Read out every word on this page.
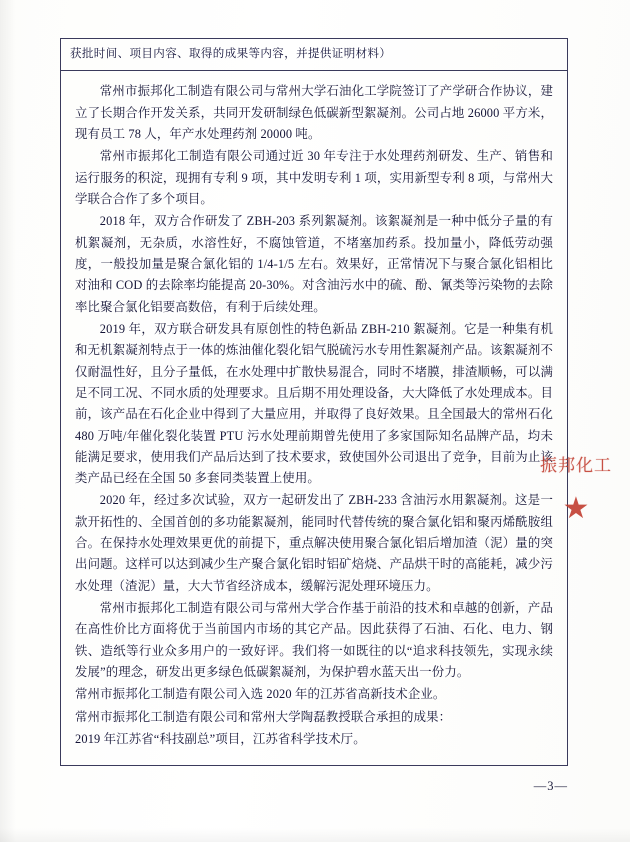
获批时间、项目内容、取得的成果等内容，并提供证明材料）

常州市振邦化工制造有限公司与常州大学石油化工学院签订了产学研合作协议，建立了长期合作开发关系，共同开发研制绿色低碳新型絮凝剂。公司占地 26000 平方米，现有员工 78 人，年产水处理药剂 20000 吨。

常州市振邦化工制造有限公司通过近 30 年专注于水处理药剂研发、生产、销售和运行服务的积淀，现拥有专利 9 项，其中发明专利 1 项，实用新型专利 8 项，与常州大学联合合作了多个项目。

2018 年，双方合作研发了 ZBH-203 系列絮凝剂。该絮凝剂是一种中低分子量的有机絮凝剂，无杂质，水溶性好，不腐蚀管道，不堵塞加药系。投加量小，降低劳动强度，一般投加量是聚合氯化铝的 1/4-1/5 左右。效果好，正常情况下与聚合氯化铝相比对油和 COD 的去除率均能提高 20-30%。对含油污水中的硫、酚、氰类等污染物的去除率比聚合氯化铝要高数倍，有利于后续处理。

2019 年，双方联合研发具有原创性的特色新品 ZBH-210 絮凝剂。它是一种集有机和无机絮凝剂特点于一体的炼油催化裂化铝气脱硫污水专用性絮凝剂产品。该絮凝剂不仅耐温性好，且分子量低，在水处理中扩散快易混合，同时不堵膜，排渣顺畅，可以满足不同工况、不同水质的处理要求。且后期不用处理设备，大大降低了水处理成本。目前，该产品在石化企业中得到了大量应用，并取得了良好效果。且全国最大的常州石化 480 万吨/年催化裂化装置 PTU 污水处理前期曾先使用了多家国际知名品牌产品，均未能满足要求，使用我们产品后达到了技术要求，致使国外公司退出了竞争，目前为止该类产品已经在全国 50 多套同类装置上使用。

2020 年，经过多次试验，双方一起研发出了 ZBH-233 含油污水用絮凝剂。这是一款开拓性的、全国首创的多功能絮凝剂，能同时代替传统的聚合氯化铝和聚丙烯酰胺组合。在保持水处理效果更优的前提下，重点解决使用聚合氯化铝后增加渣（泥）量的突出问题。这样可以达到减少生产聚合氯化铝时铝矿焙烧、产品烘干时的高能耗，减少污水处理（渣泥）量，大大节省经济成本，缓解污泥处理环境压力。

常州市振邦化工制造有限公司与常州大学合作基于前沿的技术和卓越的创新，产品在高性价比方面将优于当前国内市场的其它产品。因此获得了石油、石化、电力、钢铁、造纸等行业众多用户的一致好评。我们将一如既往的以“追求科技领先，实现永续发展”的理念，研发出更多绿色低碳絮凝剂，为保护碧水蓝天出一份力。

常州市振邦化工制造有限公司入选 2020 年的江苏省高新技术企业。

常州市振邦化工制造有限公司和常州大学陶磊教授联合承担的成果：

2019 年江苏省“科技副总”项目，江苏省科学技术厅。

振邦化工
★
—3—
